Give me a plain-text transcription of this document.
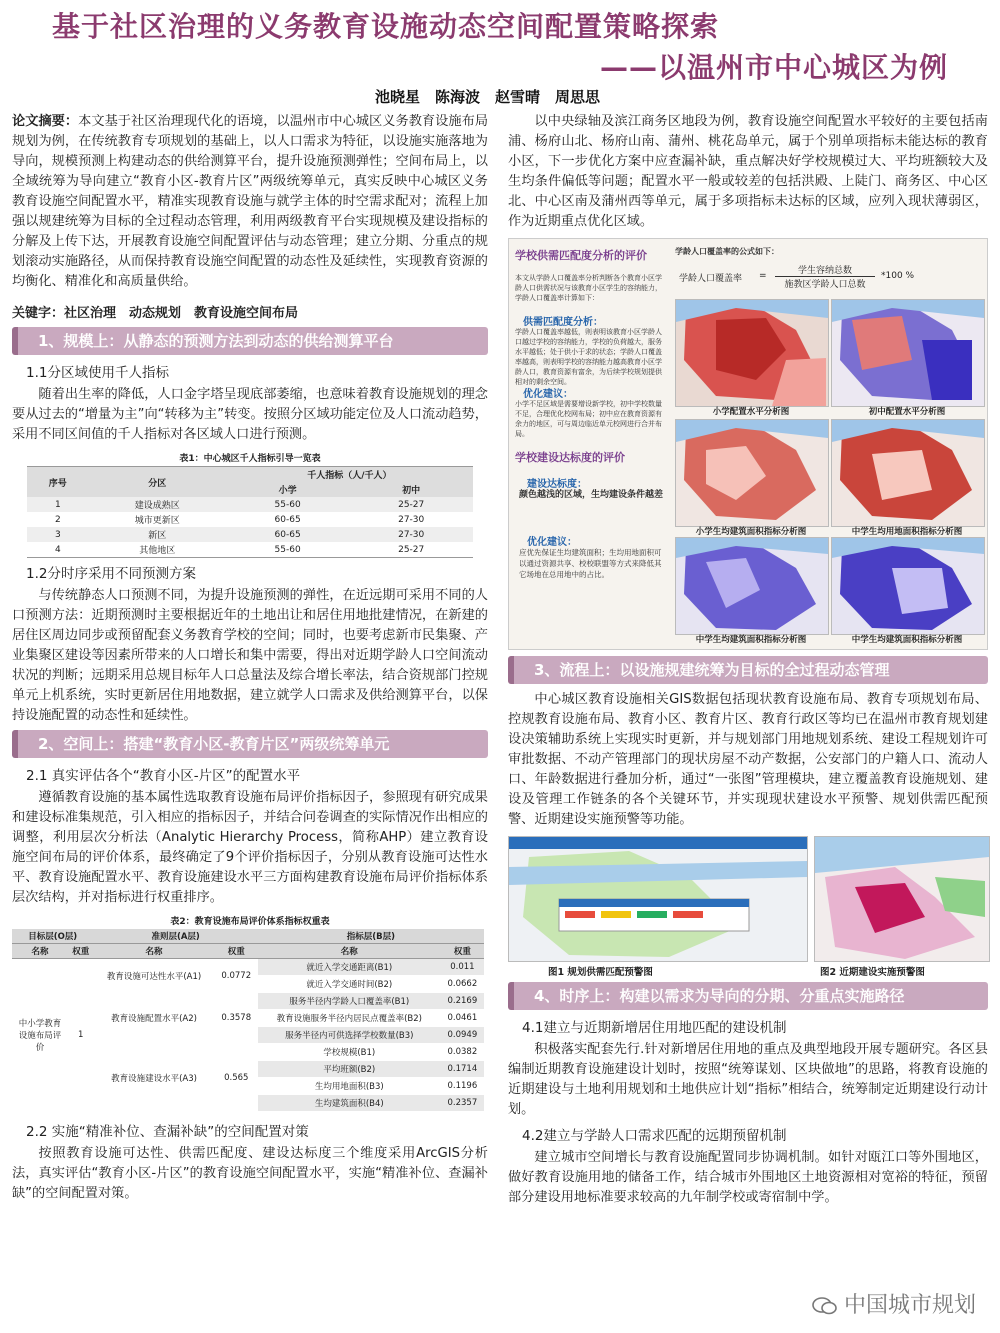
基于社区治理的义务教育设施动态空间配置策略探索
——以温州市中心城区为例
池晓星　陈海波　赵雪晴　周思思

论文摘要：本文基于社区治理现代化的语境，以温州市中心城区义务教育设施布局规划为例，在传统教育专项规划的基础上，以人口需求为特征，以设施实施落地为导向，规模预测上构建动态的供给测算平台，提升设施预测弹性；空间布局上，以全域统筹为导向建立“教育小区-教育片区”两级统筹单元，真实反映中心城区义务教育设施空间配置水平，精准实现教育设施与就学主体的时空需求配对；流程上加强以规建统筹为目标的全过程动态管理，利用两级教育平台实现规模及建设指标的分解及上传下达，开展教育设施空间配置评估与动态管理；建立分期、分重点的规划滚动实施路径，从而保持教育设施空间配置的动态性及延续性，实现教育资源的均衡化、精准化和高质量供给。

关键字：社区治理　动态规划　教育设施空间布局
1、规模上：从静态的预测方法到动态的供给测算平台
1.1分区域使用千人指标

随着出生率的降低，人口金字塔呈现底部萎缩，也意味着教育设施规划的理念要从过去的“增量为主”向“转移为主”转变。按照分区域功能定位及人口流动趋势，采用不同区间值的千人指标对各区域人口进行预测。

表1：中心城区千人指标引导一览表
序号	分区	千人指标（人/千人）	
		小学	初中
1	建设成熟区	55-60	25-27
2	城市更新区	60-65	27-30
3	新区	60-65	27-30
4	其他地区	55-60	25-27
1.2分时序采用不同预测方案

与传统静态人口预测不同，为提升设施预测的弹性，在近远期可采用不同的人口预测方法：近期预测时主要根据近年的土地出让和居住用地批建情况，在新建的居住区周边同步或预留配套义务教育学校的空间；同时，也要考虑新市民集聚、产业集聚区建设等因素所带来的人口增长和集中需要，得出对近期学龄人口空间流动状况的判断；远期采用总规目标年人口总量法及综合增长率法，结合资规部门控规单元上机系统，实时更新居住用地数据，建立就学人口需求及供给测算平台，以保持设施配置的动态性和延续性。

2、空间上：搭建“教育小区-教育片区”两级统筹单元
2.1 真实评估各个“教育小区-片区”的配置水平

遵循教育设施的基本属性选取教育设施布局评价指标因子，参照现有研究成果和建设标准集规范，引入相应的指标因子，并结合问卷调查的实际情况作出相应的调整，利用层次分析法（Analytic Hierarchy Process，简称AHP）建立教育设施空间布局的评价体系，最终确定了9个评价指标因子，分别从教育设施可达性水平、教育设施配置水平、教育设施建设水平三方面构建教育设施布局评价指标体系层次结构，并对指标进行权重排序。

表2：教育设施布局评价体系指标权重表
目标层(O层)		准则层(A层)		指标层(B层)	
名称	权重	名称	权重	名称	权重
中小学教育设施布局评价	1	教育设施可达性水平(A1)	0.0772	就近入学交通距离(B1)	0.011
				就近入学交通时间(B2)	0.0662
		教育设施配置水平(A2)	0.3578	服务半径内学龄人口覆盖率(B1)	0.2169
				教育设施服务半径内居民点覆盖率(B2)	0.0461
				服务半径内可供选择学校数量(B3)	0.0949
		教育设施建设水平(A3)	0.565	学校规模(B1)	0.0382
				平均班额(B2)	0.1714
				生均用地面积(B3)	0.1196
				生均建筑面积(B4)	0.2357
2.2 实施“精准补位、查漏补缺”的空间配置对策

按照教育设施可达性、供需匹配度、建设达标度三个维度采用ArcGIS分析法，真实评估“教育小区-片区”的教育设施空间配置水平，实施“精准补位、查漏补缺”的空间配置对策。

以中央绿轴及滨江商务区地段为例，教育设施空间配置水平较好的主要包括南浦、杨府山北、杨府山南、蒲州、桃花岛单元，属于个别单项指标未能达标的教育小区，下一步优化方案中应查漏补缺，重点解决好学校规模过大、平均班额较大及生均条件偏低等问题；配置水平一般或较差的包括洪殿、上陡门、商务区、中心区北、中心区南及蒲州西等单元，属于多项指标未达标的区域，应列入现状薄弱区，作为近期重点优化区域。

学校供需匹配度分析的评价	学龄人口覆盖率的公式如下：
学龄人口覆盖率 =	学生容纳总数
施教区学龄人口总数
*100 %
本文从学龄人口覆盖率分析判断各个教育小区学龄人口供需状况与该教育小区学生的容纳能力，学龄人口覆盖率计算如下：
供需匹配度分析：
学龄人口覆盖率越低，则表明该教育小区学龄人口越过学校的容纳能力，学校的负荷越大，服务水平越低；处于供小于求的状态；学龄人口覆盖率越高，则表明学校的容纳能力越高教育小区学龄人口，教育资源有富余，为后续学校规划提供相对的剩余空间。
优化建议：
小学不足区域是需要增设新学校，初中学校数量不足，合理优化校网布局；初中应在教育资源有余力的地区，可与周边临近单元校网进行合并布局。
学校建设达标度的评价
建设达标度：
颜色越浅的区域，生均建设条件越差
优化建议：
应优先保证生均建筑面积；生均用地面积可以通过资源共享、校校联盟等方式来降低其它场地在总用地中的占比。
小学配置水平分析图	初中配置水平分析图
小学生均建筑面积指标分析图	中学生均用地面积指标分析图
中学生均建筑面积指标分析图	中学生均建筑面积指标分析图
3、流程上：以设施规建统筹为目标的全过程动态管理

中心城区教育设施相关GIS数据包括现状教育设施布局、教育专项规划布局、控规教育设施布局、教育小区、教育片区、教育行政区等均已在温州市教育规划建设决策辅助系统上实现实时更新，并与规划部门用地规划系统、建设工程规划许可审批数据、不动产管理部门的现状房屋不动产数据，公安部门的户籍人口、流动人口、年龄数据进行叠加分析，通过“一张图”管理模块，建立覆盖教育设施规划、建设及管理工作链条的各个关键环节，并实现现状建设水平预警、规划供需匹配预警、近期建设实施预警等功能。

图1 规划供需匹配预警图	图2 近期建设实施预警图
4、时序上：构建以需求为导向的分期、分重点实施路径
4.1建立与近期新增居住用地匹配的建设机制

积极落实配套先行.针对新增居住用地的重点及典型地段开展专题研究。各区县编制近期教育设施建设计划时，按照“统筹谋划、区块做地”的思路，将教育设施的近期建设与土地利用规划和土地供应计划“指标”相结合，统筹制定近期建设行动计划。

4.2建立与学龄人口需求匹配的远期预留机制

建立城市空间增长与教育设施配置同步协调机制。如针对瓯江口等外围地区，做好教育设施用地的储备工作，结合城市外围地区土地资源相对宽裕的特征，预留部分建设用地标准要求较高的九年制学校或寄宿制中学。

中国城市规划
